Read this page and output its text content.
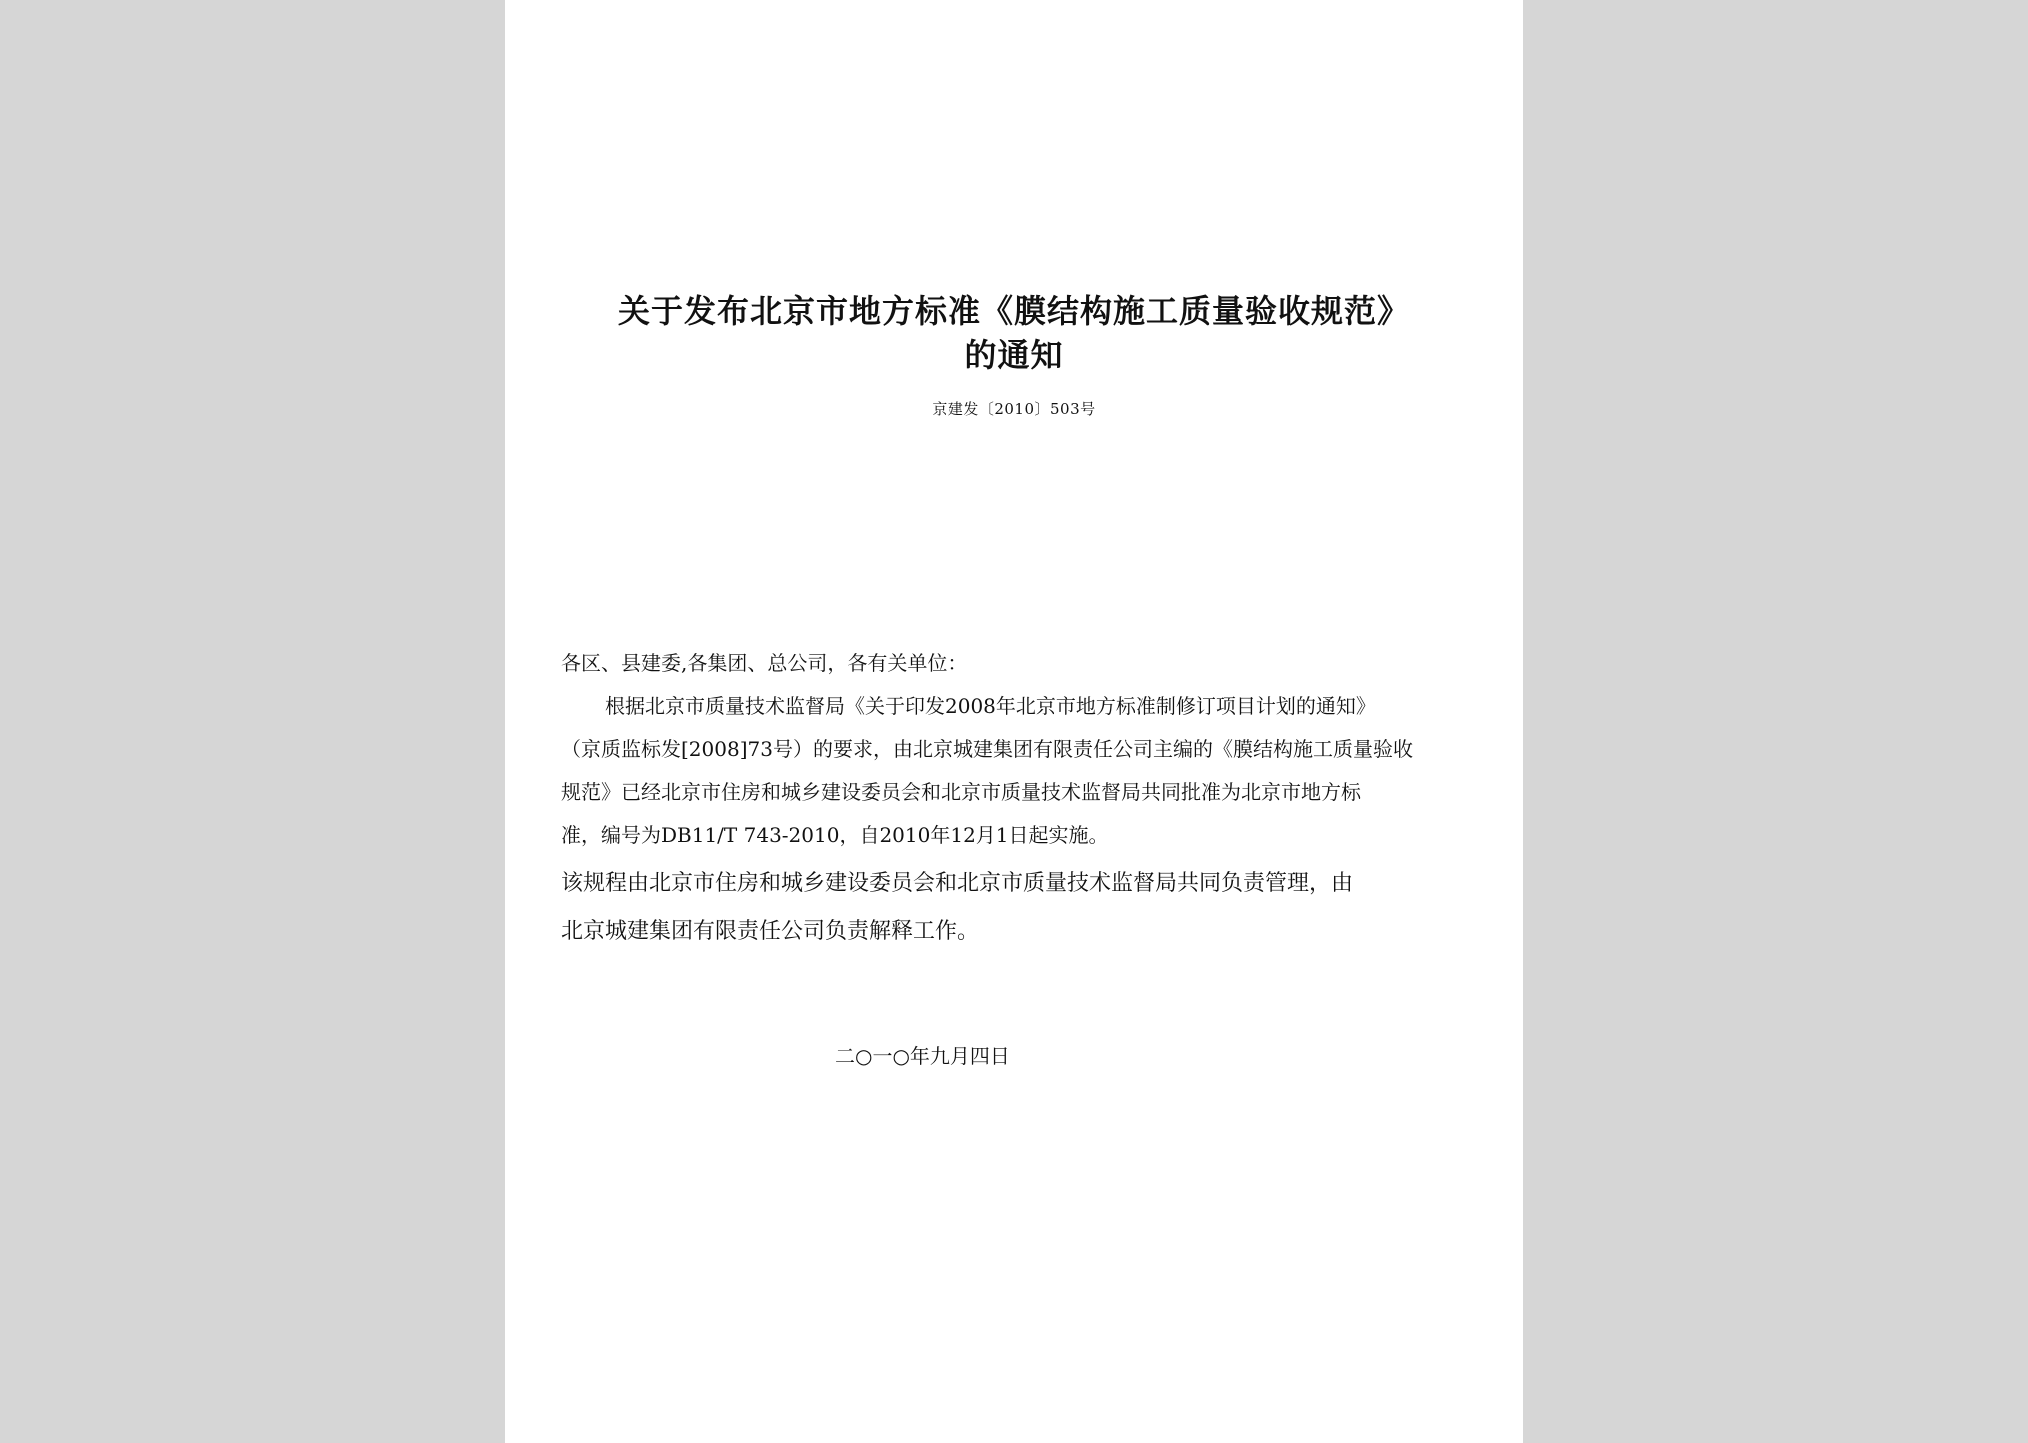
关于发布北京市地方标准《膜结构施工质量验收规范》
的通知
京建发〔2010〕503号
各区、县建委,各集团、总公司，各有关单位：
根据北京市质量技术监督局《关于印发2008年北京市地方标准制修订项目计划的通知》
（京质监标发[2008]73号）的要求，由北京城建集团有限责任公司主编的《膜结构施工质量验收
规范》已经北京市住房和城乡建设委员会和北京市质量技术监督局共同批准为北京市地方标
准，编号为DB11/T 743-2010，自2010年12月1日起实施。
该规程由北京市住房和城乡建设委员会和北京市质量技术监督局共同负责管理，由
北京城建集团有限责任公司负责解释工作。
二○一○年九月四日
